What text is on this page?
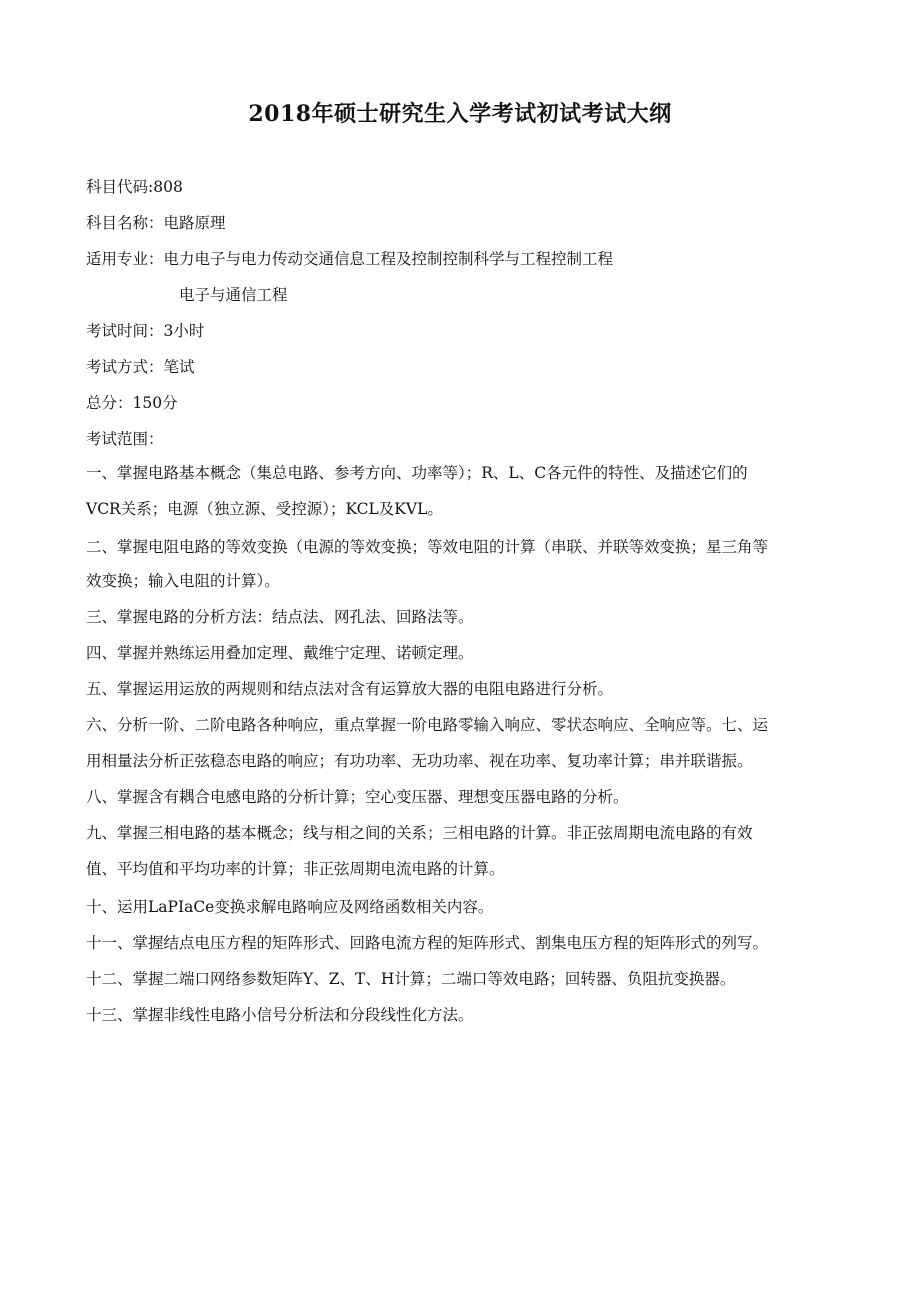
2018年硕士研究生入学考试初试考试大纲
科目代码:808
科目名称：电路原理
适用专业：电力电子与电力传动交通信息工程及控制控制科学与工程控制工程
电子与通信工程
考试时间：3小时
考试方式：笔试
总分：150分
考试范围：
一、掌握电路基本概念（集总电路、参考方向、功率等）；R、L、C各元件的特性、及描述它们的
VCR关系；电源（独立源、受控源）；KCL及KVL。
二、掌握电阻电路的等效变换（电源的等效变换；等效电阻的计算（串联、并联等效变换；星三角等
效变换；输入电阻的计算）。
三、掌握电路的分析方法：结点法、网孔法、回路法等。
四、掌握并熟练运用叠加定理、戴维宁定理、诺顿定理。
五、掌握运用运放的两规则和结点法对含有运算放大器的电阻电路进行分析。
六、分析一阶、二阶电路各种响应，重点掌握一阶电路零输入响应、零状态响应、全响应等。七、运
用相量法分析正弦稳态电路的响应；有功功率、无功功率、视在功率、复功率计算；串并联谐振。
八、掌握含有耦合电感电路的分析计算；空心变压器、理想变压器电路的分析。
九、掌握三相电路的基本概念；线与相之间的关系；三相电路的计算。非正弦周期电流电路的有效
值、平均值和平均功率的计算；非正弦周期电流电路的计算。
十、运用LaPIaCe变换求解电路响应及网络函数相关内容。
十一、掌握结点电压方程的矩阵形式、回路电流方程的矩阵形式、割集电压方程的矩阵形式的列写。
十二、掌握二端口网络参数矩阵Y、Z、T、H计算；二端口等效电路；回转器、负阻抗变换器。
十三、掌握非线性电路小信号分析法和分段线性化方法。
